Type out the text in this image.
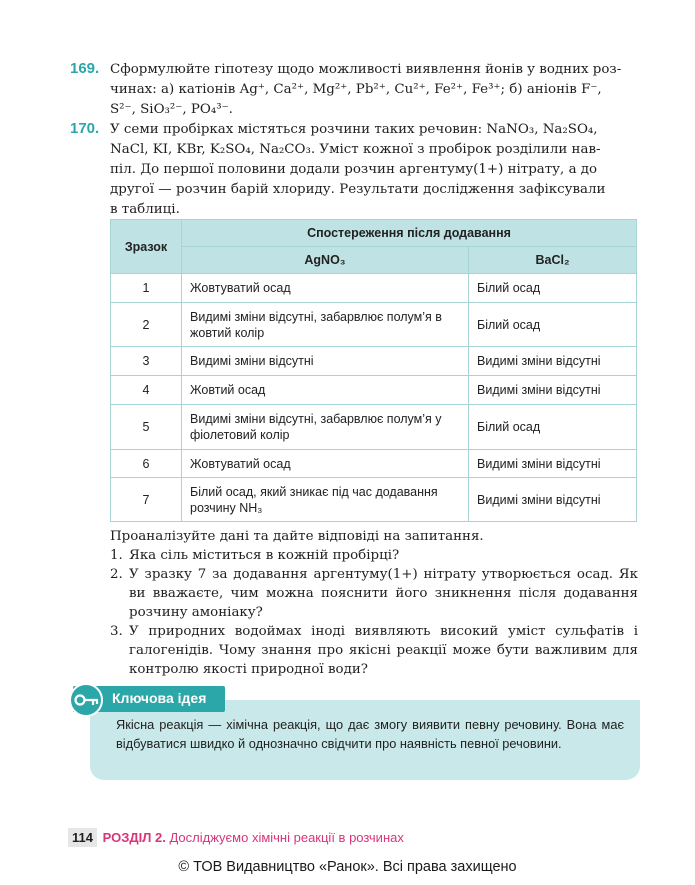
169. Сформулюйте гіпотезу щодо можливості виявлення йонів у водних роз-
чинах: а) катіонів Ag⁺, Ca²⁺, Mg²⁺, Pb²⁺, Cu²⁺, Fe²⁺, Fe³⁺; б) аніонів F⁻,
S²⁻, SiO₃²⁻, PO₄³⁻.
170. У семи пробірках містяться розчини таких речовин: NaNO₃, Na₂SO₄,
NaCl, KI, KBr, K₂SO₄, Na₂CO₃. Уміст кожної з пробірок розділили нав-
піл. До першої половини додали розчин аргентуму(1+) нітрату, а до
другої — розчин барій хлориду. Результати дослідження зафіксували
в таблиці.
Зразок	Спостереження після додавання	
	AgNO₃	BaCl₂
1	Жовтуватий осад	Білий осад
2	Видимі зміни відсутні, забарвлює полум’я в жовтий колір	Білий осад
3	Видимі зміни відсутні	Видимі зміни відсутні
4	Жовтий осад	Видимі зміни відсутні
5	Видимі зміни відсутні, забарвлює полум’я у фіолетовий колір	Білий осад
6	Жовтуватий осад	Видимі зміни відсутні
7	Білий осад, який зникає під час додавання розчину NH₃	Видимі зміни відсутні
Проаналізуйте дані та дайте відповіді на запитання.
1. Яка сіль міститься в кожній пробірці?
2. У зразку 7 за додавання аргентуму(1+) нітрату утворюється осад. Як ви вважаєте, чим можна пояснити його зникнення після додавання розчину амоніаку?
3. У природних водоймах іноді виявляють високий уміст сульфатів і галогенідів. Чому знання про якісні реакції може бути важливим для контролю якості природної води?
Ключова ідея
Якісна реакція — хімічна реакція, що дає змогу виявити певну речовину. Вона має відбуватися швидко й однозначно свідчити про наявність певної речовини.
114 РОЗДІЛ 2. Досліджуємо хімічні реакції в розчинах
© ТОВ Видавництво «Ранок». Всі права захищено
